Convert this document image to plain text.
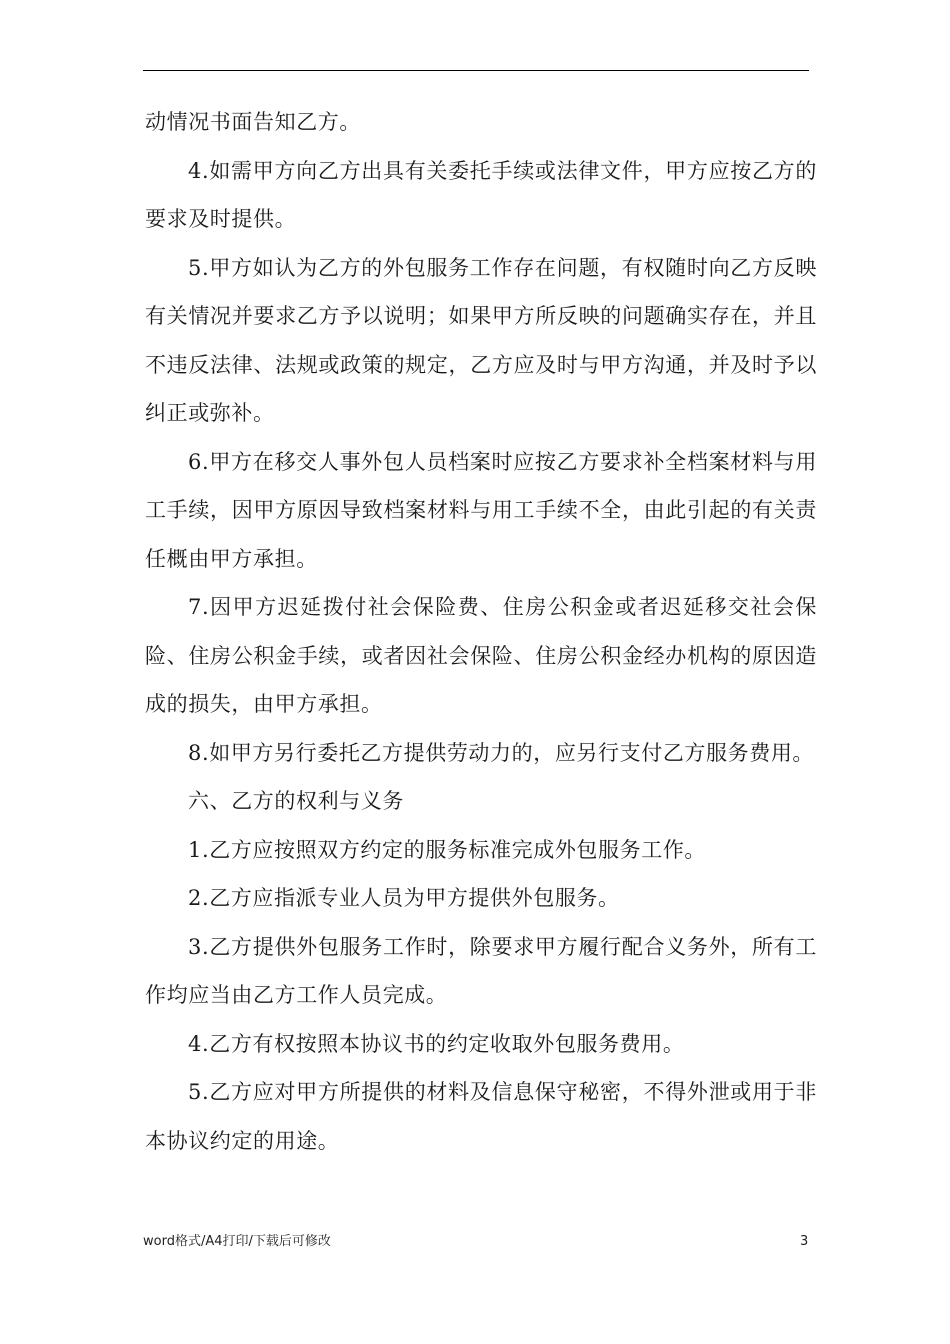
动情况书面告知乙方。

4.如需甲方向乙方出具有关委托手续或法律文件，甲方应按乙方的要求及时提供。

5.甲方如认为乙方的外包服务工作存在问题，有权随时向乙方反映有关情况并要求乙方予以说明；如果甲方所反映的问题确实存在，并且不违反法律、法规或政策的规定，乙方应及时与甲方沟通，并及时予以纠正或弥补。

6.甲方在移交人事外包人员档案时应按乙方要求补全档案材料与用工手续，因甲方原因导致档案材料与用工手续不全，由此引起的有关责任概由甲方承担。

7.因甲方迟延拨付社会保险费、住房公积金或者迟延移交社会保险、住房公积金手续，或者因社会保险、住房公积金经办机构的原因造成的损失，由甲方承担。

8.如甲方另行委托乙方提供劳动力的，应另行支付乙方服务费用。

六、乙方的权利与义务

1.乙方应按照双方约定的服务标准完成外包服务工作。

2.乙方应指派专业人员为甲方提供外包服务。

3.乙方提供外包服务工作时，除要求甲方履行配合义务外，所有工作均应当由乙方工作人员完成。

4.乙方有权按照本协议书的约定收取外包服务费用。

5.乙方应对甲方所提供的材料及信息保守秘密，不得外泄或用于非本协议约定的用途。

word格式/A4打印/下载后可修改	3
